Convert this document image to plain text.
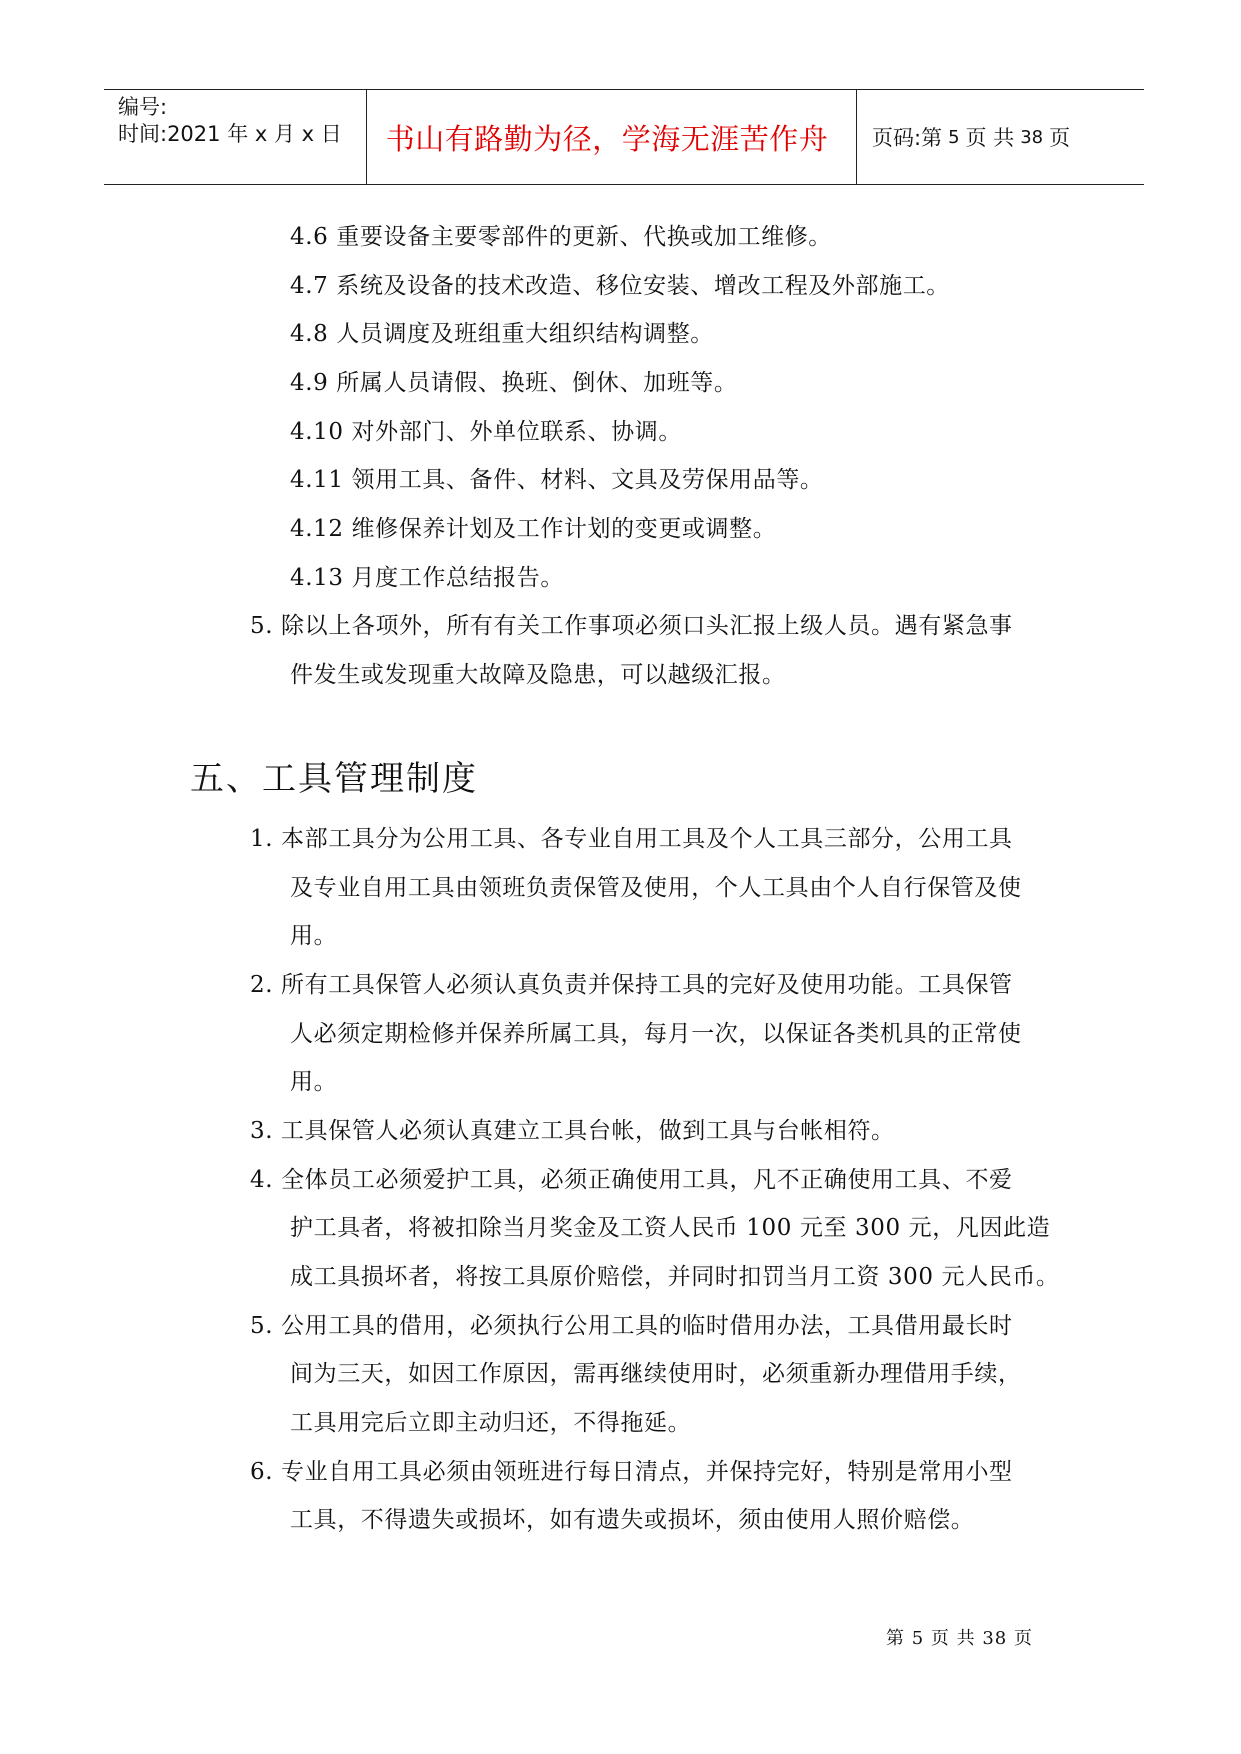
编号:
时间:2021 年 x 月 x 日	书山有路勤为径，学海无涯苦作舟	页码:第 5 页 共 38 页
4.6 重要设备主要零部件的更新、代换或加工维修。
4.7 系统及设备的技术改造、移位安装、增改工程及外部施工。
4.8 人员调度及班组重大组织结构调整。
4.9 所属人员请假、换班、倒休、加班等。
4.10 对外部门、外单位联系、协调。
4.11 领用工具、备件、材料、文具及劳保用品等。
4.12 维修保养计划及工作计划的变更或调整。
4.13 月度工作总结报告。
5. 除以上各项外，所有有关工作事项必须口头汇报上级人员。遇有紧急事
件发生或发现重大故障及隐患，可以越级汇报。
五、工具管理制度
1. 本部工具分为公用工具、各专业自用工具及个人工具三部分，公用工具
及专业自用工具由领班负责保管及使用，个人工具由个人自行保管及使
用。
2. 所有工具保管人必须认真负责并保持工具的完好及使用功能。工具保管
人必须定期检修并保养所属工具，每月一次，以保证各类机具的正常使
用。
3. 工具保管人必须认真建立工具台帐，做到工具与台帐相符。
4. 全体员工必须爱护工具，必须正确使用工具，凡不正确使用工具、不爱
护工具者，将被扣除当月奖金及工资人民币 100 元至 300 元，凡因此造
成工具损坏者，将按工具原价赔偿，并同时扣罚当月工资 300 元人民币。
5. 公用工具的借用，必须执行公用工具的临时借用办法，工具借用最长时
间为三天，如因工作原因，需再继续使用时，必须重新办理借用手续，
工具用完后立即主动归还，不得拖延。
6. 专业自用工具必须由领班进行每日清点，并保持完好，特别是常用小型
工具，不得遗失或损坏，如有遗失或损坏，须由使用人照价赔偿。
第 5 页 共 38 页
